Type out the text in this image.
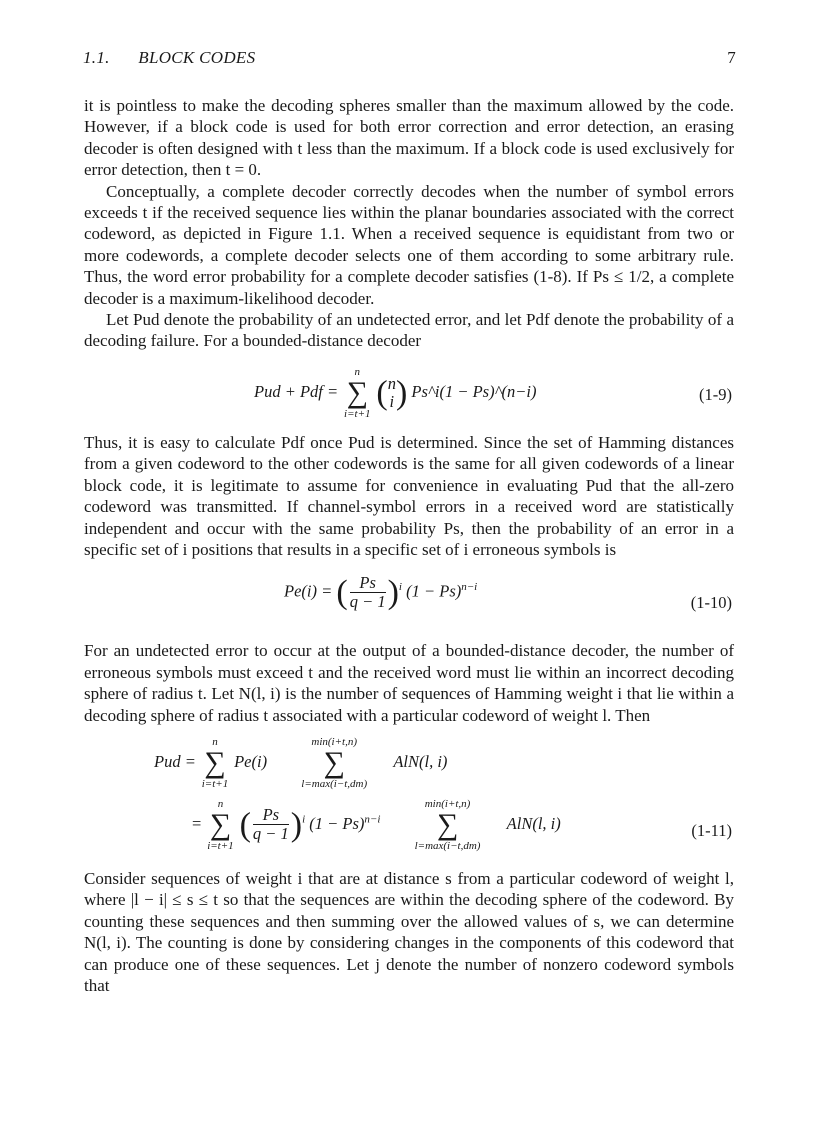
1.1. BLOCK CODES	7

it is pointless to make the decoding spheres smaller than the maximum allowed by the code. However, if a block code is used for both error correction and error detection, an erasing decoder is often designed with t less than the maximum. If a block code is used exclusively for error detection, then t = 0.

Conceptually, a complete decoder correctly decodes when the number of symbol errors exceeds t if the received sequence lies within the planar boundaries associated with the correct codeword, as depicted in Figure 1.1. When a received sequence is equidistant from two or more codewords, a complete decoder selects one of them according to some arbitrary rule. Thus, the word error probability for a complete decoder satisfies (1-8). If Ps ≤ 1/2, a complete decoder is a maximum-likelihood decoder.

Let Pud denote the probability of an undetected error, and let Pdf denote the probability of a decoding failure. For a bounded-distance decoder

Pud + Pdf =
n
∑
i=t+1
( n
i ) Ps^i(1 − Ps)^(n−i)	(1-9)

Thus, it is easy to calculate Pdf once Pud is determined. Since the set of Hamming distances from a given codeword to the other codewords is the same for all given codewords of a linear block code, it is legitimate to assume for convenience in evaluating Pud that the all-zero codeword was transmitted. If channel-symbol errors in a received word are statistically independent and occur with the same probability Ps, then the probability of an error in a specific set of i positions that results in a specific set of i erroneous symbols is

Pe(i) = ( $\frac{Ps}{q - 1} )^i$ $(1 - Ps)^{n-i}$
(1-10)

For an undetected error to occur at the output of a bounded-distance decoder, the number of erroneous symbols must exceed t and the received word must lie within an incorrect decoding sphere of radius t. Let N(l, i) is the number of sequences of Hamming weight i that lie within a decoding sphere of radius t associated with a particular codeword of weight l. Then

Pud =
n
∑
i=t+1
Pe(i)
min(i+t,n)
∑
l=max(i−t,dm)
AlN(l, i)
=
n
∑
i=t+1
( $\frac{Ps}{q - 1} )^i$ $(1 - Ps)^{n-i}$
min(i+t,n)
∑
l=max(i−t,dm)
AlN(l, i)	(1-11)

Consider sequences of weight i that are at distance s from a particular codeword of weight l, where |l − i| ≤ s ≤ t so that the sequences are within the decoding sphere of the codeword. By counting these sequences and then summing over the allowed values of s, we can determine N(l, i). The counting is done by considering changes in the components of this codeword that can produce one of these sequences. Let j denote the number of nonzero codeword symbols that
